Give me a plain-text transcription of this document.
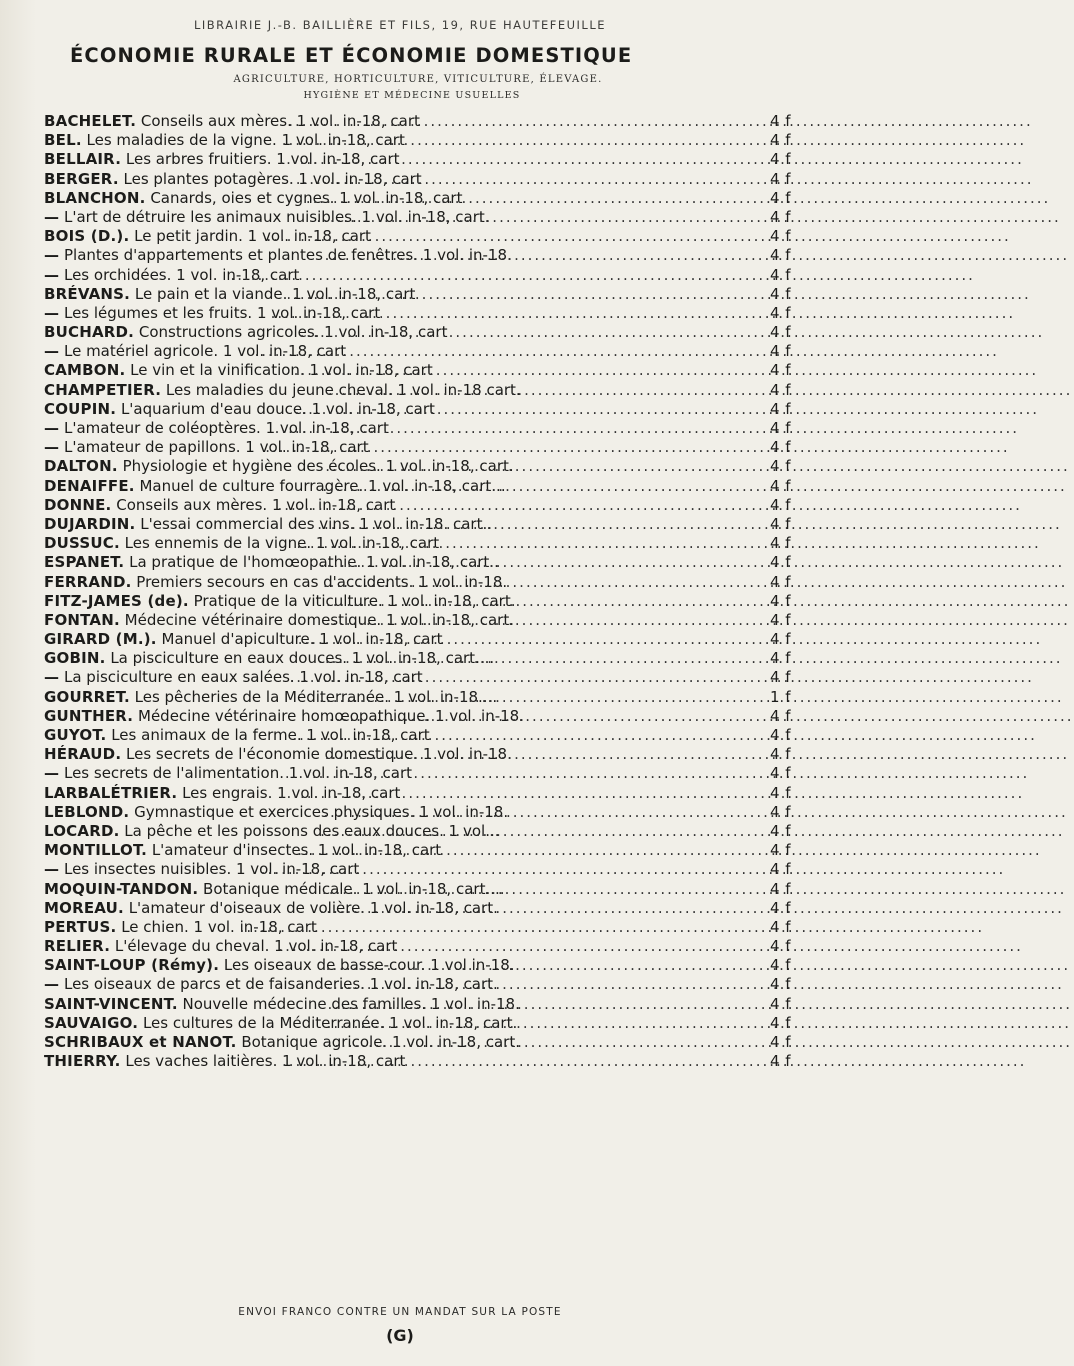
LIBRAIRIE J.-B. BAILLIÈRE ET FILS, 19, RUE HAUTEFEUILLE
ÉCONOMIE RURALE ET ÉCONOMIE DOMESTIQUE
AGRICULTURE, HORTICULTURE, VITICULTURE, ÉLEVAGE.
HYGIÈNE ET MÉDECINE USUELLES
BACHELET. Conseils aux mères. 1 vol. in-18, cart .....	4 f
BEL. Les maladies de la vigne. 1 vol. in-18, cart .....	4 f
BELLAIR. Les arbres fruitiers. 1 vol. in-18, cart .....	4 f
BERGER. Les plantes potagères. 1 vol. in-18, cart .....	4 f
BLANCHON. Canards, oies et cygnes. 1 vol. in-18, cart .....	4 f
— L'art de détruire les animaux nuisibles. 1 vol. in-18, cart. .....	4 f
BOIS (D.). Le petit jardin. 1 vol. in-18, cart .....	4 f
— Plantes d'appartements et plantes de fenêtres. 1 vol. in-18. .....	4 f
— Les orchidées. 1 vol. in-18, cart .....	4 f
BRÉVANS. Le pain et la viande. 1 vol. in-18, cart .....	4 f
— Les légumes et les fruits. 1 vol. in-18, cart .....	4 f
BUCHARD. Constructions agricoles. 1 vol. in-18, cart .....	4 f
— Le matériel agricole. 1 vol. in-18, cart .....	4 f
CAMBON. Le vin et la vinification. 1 vol. in-18, cart .....	4 f
CHAMPETIER. Les maladies du jeune cheval. 1 vol. in-18 cart. .....	4 f
COUPIN. L'aquarium d'eau douce. 1 vol. in-18, cart .....	4 f
— L'amateur de coléoptères. 1 vol. in-18, cart .....	4 f
— L'amateur de papillons. 1 vol. in-18, cart .....	4 f
DALTON. Physiologie et hygiène des écoles. 1 vol. in-18, cart. .....	4 f
DENAIFFE. Manuel de culture fourragère. 1 vol. in-18, cart... .....	4 f
DONNE. Conseils aux mères. 1 vol. in-18, cart .....	4 f
DUJARDIN. L'essai commercial des vins. 1 vol. in-18. cart.. .....	4 f
DUSSUC. Les ennemis de la vigne. 1 vol. in-18, cart .....	4 f
ESPANET. La pratique de l'homœopathie. 1 vol. in-18, cart.. .....	4 f
FERRAND. Premiers secours en cas d'accidents. 1 vol. in-18. .....	4 f
FITZ-JAMES (de). Pratique de la viticulture. 1 vol. in-18, cart. .....	4 f
FONTAN. Médecine vétérinaire domestique. 1 vol. in-18, cart. .....	4 f
GIRARD (M.). Manuel d'apiculture. 1 vol. in-18, cart .....	4 f
GOBIN. La pisciculture en eaux douces. 1 vol. in-18, cart.... .....	4 f
— La pisciculture en eaux salées. 1 vol. in-18, cart .....	4 f
GOURRET. Les pêcheries de la Méditerranée. 1 vol. in-18.... .....	1 f
GUNTHER. Médecine vétérinaire homœopathique. 1 vol. in-18. .....	4 f
GUYOT. Les animaux de la ferme. 1 vol. in-18, cart .....	4 f
HÉRAUD. Les secrets de l'économie domestique. 1 vol. in-18. .....	4 f
— Les secrets de l'alimentation. 1 vol. in-18, cart .....	4 f
LARBALÉTRIER. Les engrais. 1 vol. in-18, cart .....	4 f
LEBLOND. Gymnastique et exercices physiques. 1 vol. in-18. .....	4 f
LOCARD. La pêche et les poissons des eaux douces. 1 vol... .....	4 f
MONTILLOT. L'amateur d'insectes. 1 vol. in-18, cart .....	4 f
— Les insectes nuisibles. 1 vol. in-18, cart .....	4 f
MOQUIN-TANDON. Botanique médicale. 1 vol. in-18, cart.... .....	4 f
MOREAU. L'amateur d'oiseaux de volière. 1 vol. in-18, cart. .....	4 f
PERTUS. Le chien. 1 vol. in-18, cart .....	4 f
RELIER. L'élevage du cheval. 1 vol. in-18, cart .....	4 f
SAINT-LOUP (Rémy). Les oiseaux de basse-cour. 1 vol in-18. .....	4 f
— Les oiseaux de parcs et de faisanderies. 1 vol. in-18, cart. .....	4 f
SAINT-VINCENT. Nouvelle médecine des familles. 1 vol. in-18. .....	4 f
SAUVAIGO. Les cultures de la Méditerranée. 1 vol. in-18, cart. .....	4 f
SCHRIBAUX et NANOT. Botanique agricole. 1 vol. in-18, cart. .....	4 f
THIERRY. Les vaches laitières. 1 vol. in-18, cart .....	4 f
ENVOI FRANCO CONTRE UN MANDAT SUR LA POSTE
(G)
